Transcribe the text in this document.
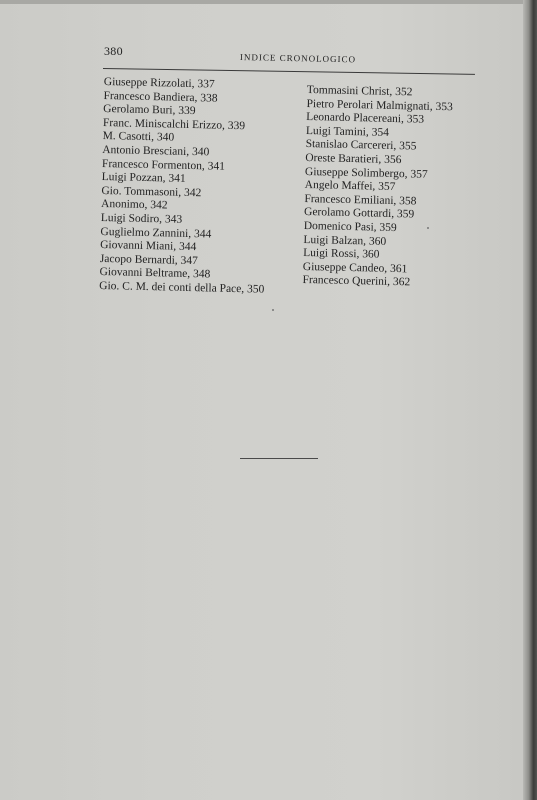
380
INDICE CRONOLOGICO
Giuseppe Rizzolati, 337
Francesco Bandiera, 338
Gerolamo Buri, 339
Franc. Miniscalchi Erizzo, 339
M. Casotti, 340
Antonio Bresciani, 340
Francesco Formenton, 341
Luigi Pozzan, 341
Gio. Tommasoni, 342
Anonimo, 342
Luigi Sodiro, 343
Guglielmo Zannini, 344
Giovanni Miani, 344
Jacopo Bernardi, 347
Giovanni Beltrame, 348
Gio. C. M. dei conti della Pace, 350
Tommasini Christ, 352
Pietro Perolari Malmignati, 353
Leonardo Placereani, 353
Luigi Tamini, 354
Stanislao Carcereri, 355
Oreste Baratieri, 356
Giuseppe Solimbergo, 357
Angelo Maffei, 357
Francesco Emiliani, 358
Gerolamo Gottardi, 359
Domenico Pasi, 359
Luigi Balzan, 360
Luigi Rossi, 360
Giuseppe Candeo, 361
Francesco Querini, 362
